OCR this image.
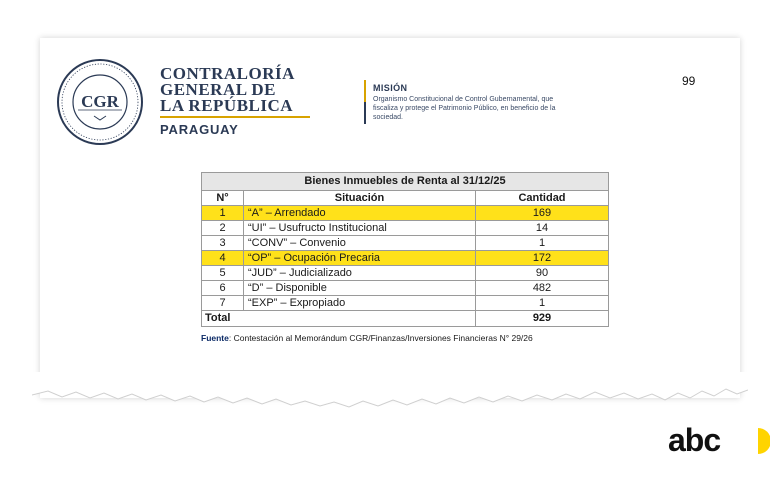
CGR
CONTRALORÍA
GENERAL DE
LA REPÚBLICA
PARAGUAY
MISIÓN
Organismo Constitucional de Control Gubernamental, que fiscaliza y protege el Patrimonio Público, en beneficio de la sociedad.
99
Bienes Inmuebles de Renta al 31/12/25		
N°	Situación	Cantidad
1	“A” – Arrendado	169
2	“UI” – Usufructo Institucional	14
3	“CONV” – Convenio	1
4	“OP” – Ocupación Precaria	172
5	“JUD” – Judicializado	90
6	“D” – Disponible	482
7	“EXP” – Expropiado	1
Total		929
Fuente: Contestación al Memorándum CGR/Finanzas/Inversiones Financieras N° 29/26
abc
